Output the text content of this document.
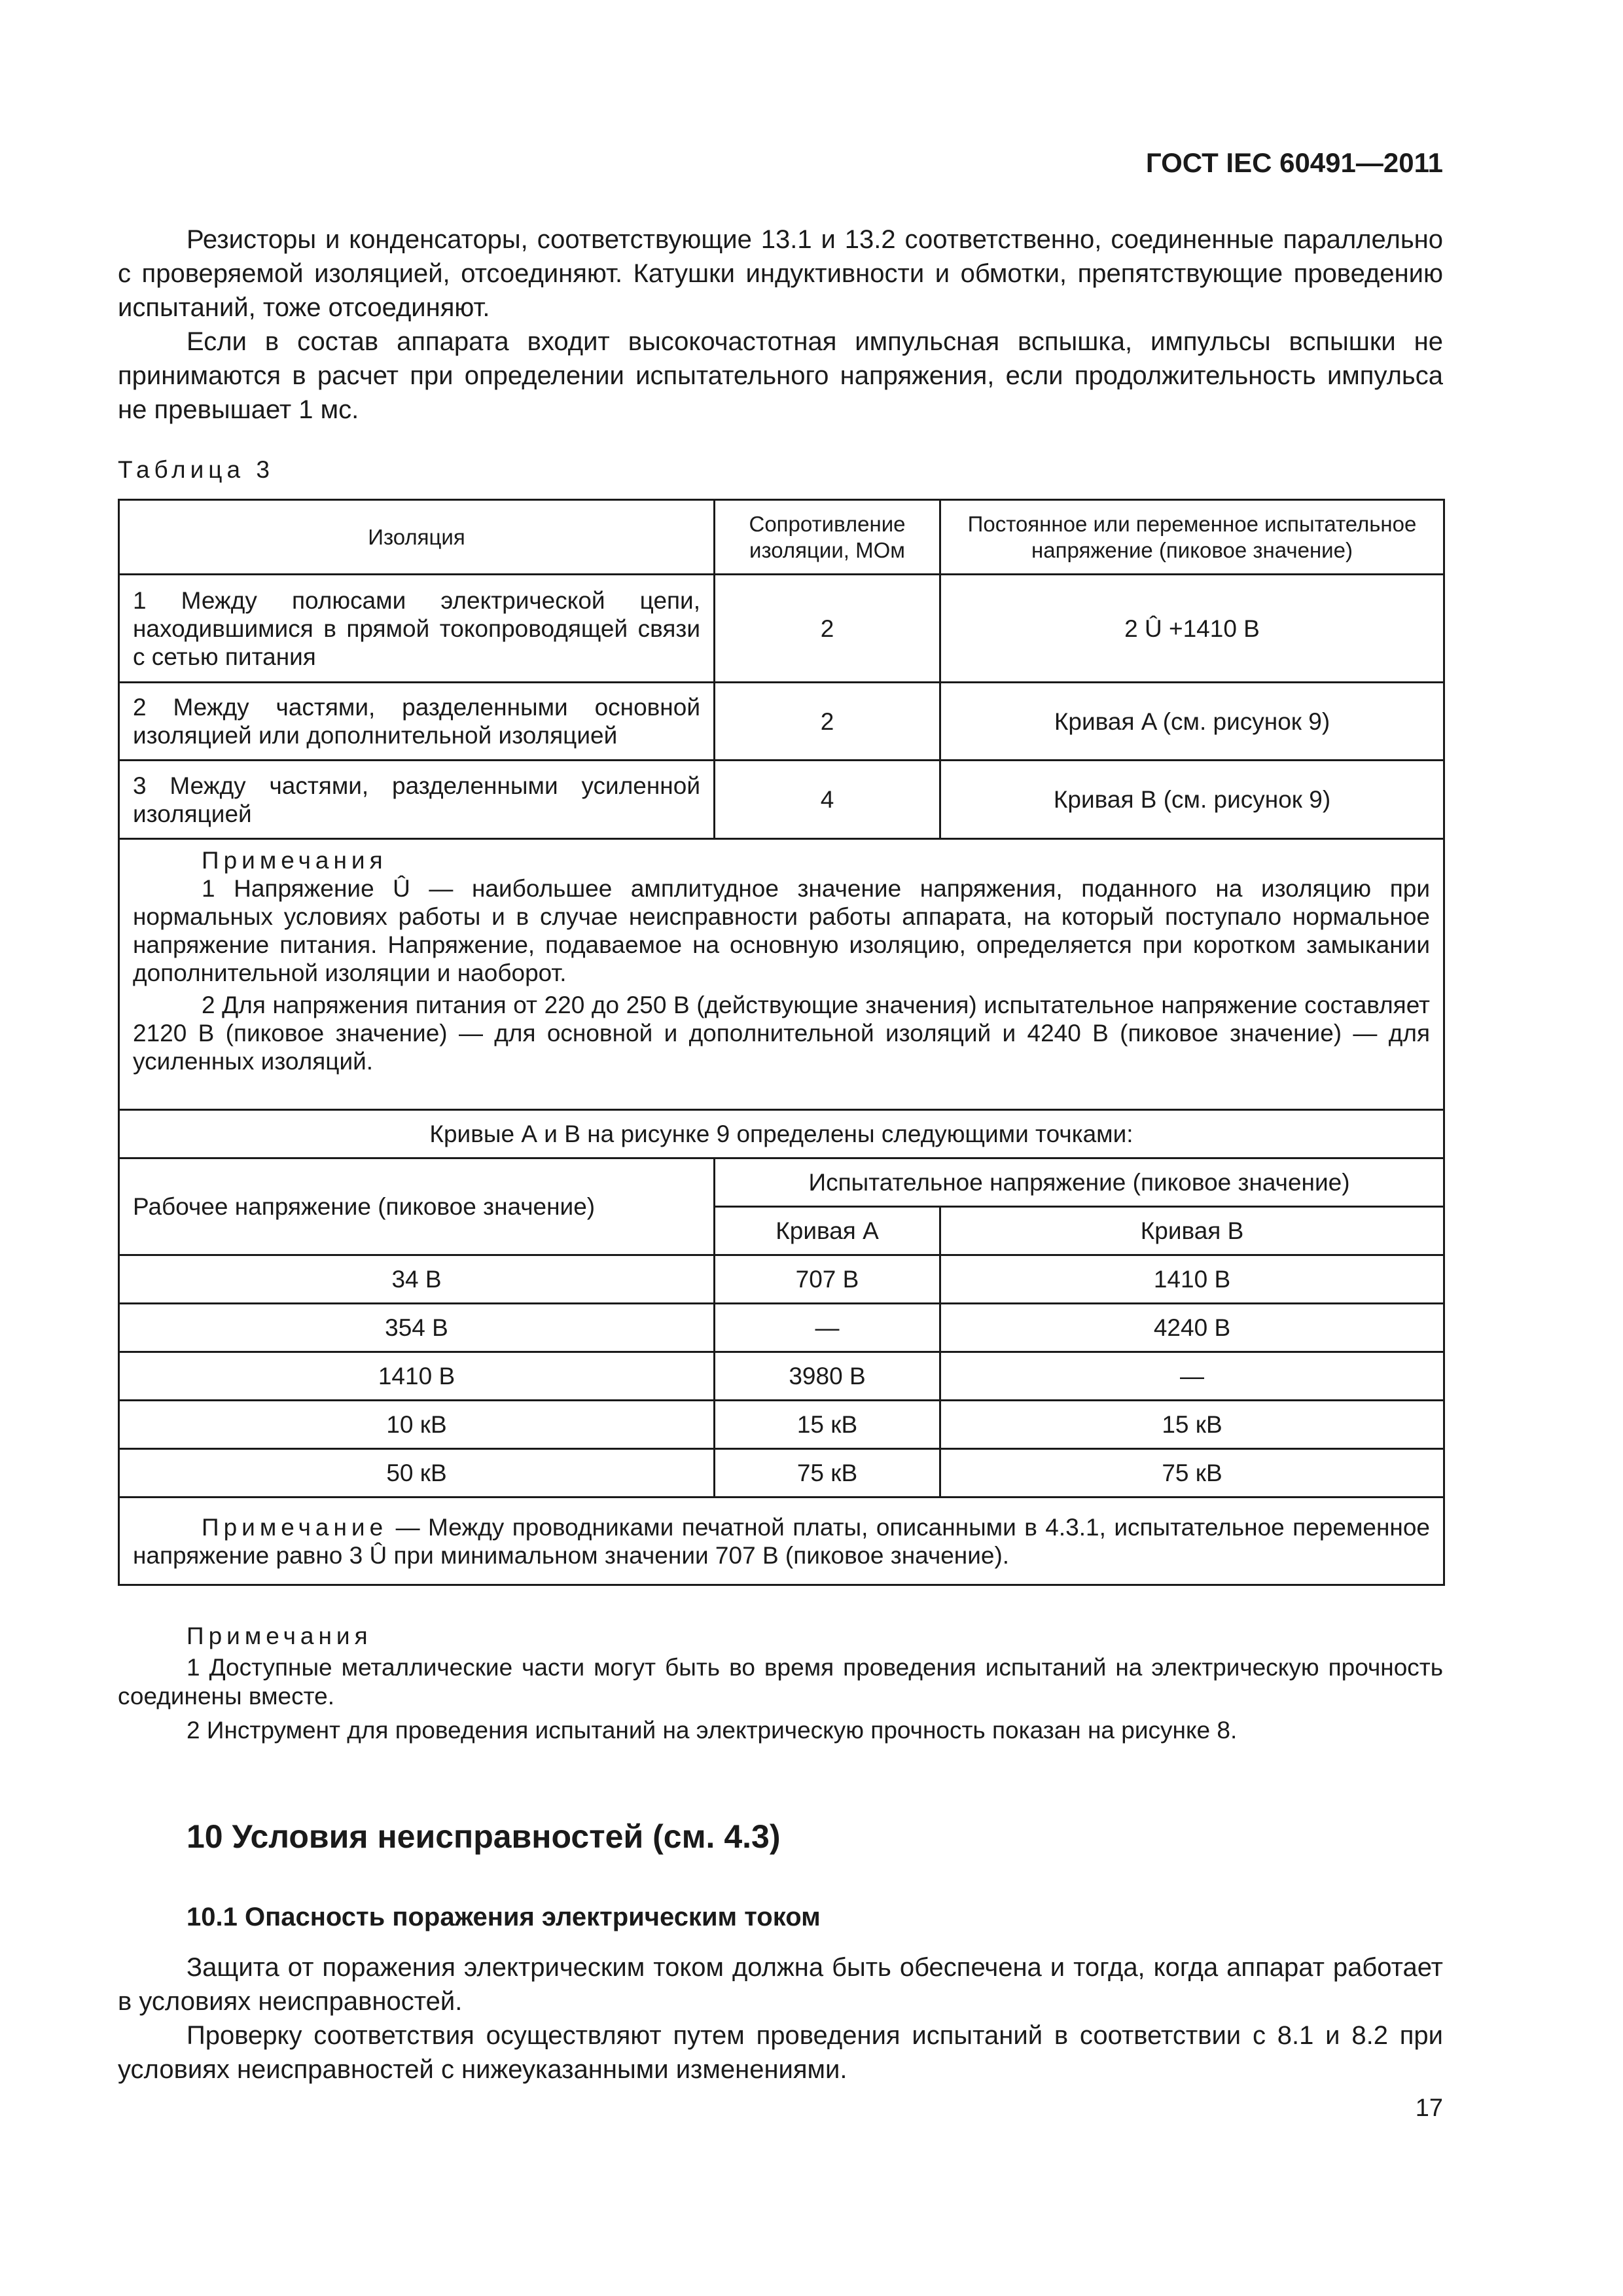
ГОСТ IEC 60491—2011

Резисторы и конденсаторы, соответствующие 13.1 и 13.2 соответственно, соединенные параллельно с проверяемой изоляцией, отсоединяют. Катушки индуктивности и обмотки, препятствующие проведению испытаний, тоже отсоединяют.

Если в состав аппарата входит высокочастотная импульсная вспышка, импульсы вспышки не принимаются в расчет при определении испытательного напряжения, если продолжительность импульса не превышает 1 мс.

Таблица 3
Изоляция	Сопротивление изоляции, МОм	Постоянное или переменное испытательное напряжение (пиковое значение)
1 Между полюсами электрической цепи, находившимися в прямой токопроводящей связи с сетью питания	2	2 Û +1410 В
2 Между частями, разделенными основной изоляцией или дополнительной изоляцией	2	Кривая A (см. рисунок 9)
3 Между частями, разделенными усиленной изоляцией	4	Кривая B (см. рисунок 9)

Примечания

1 Напряжение Û — наибольшее амплитудное значение напряжения, поданного на изоляцию при нормальных условиях работы и в случае неисправности работы аппарата, на который поступало нормальное напряжение питания. Напряжение, подаваемое на основную изоляцию, определяется при коротком замыкании дополнительной изоляции и наоборот.

2 Для напряжения питания от 220 до 250 В (действующие значения) испытательное напряжение составляет 2120 В (пиковое значение) — для основной и дополнительной изоляций и 4240 В (пиковое значение) — для усиленных изоляций.		

Кривые А и В на рисунке 9 определены следующими точками:		
Рабочее напряжение (пиковое значение)	Испытательное напряжение (пиковое значение)	
	Кривая A	Кривая B
34 В	707 В	1410 В
354 В	—	4240 В
1410 В	3980 В	—
10 кВ	15 кВ	15 кВ
50 кВ	75 кВ	75 кВ

Примечание — Между проводниками печатной платы, описанными в 4.3.1, испытательное переменное напряжение равно 3 Û при минимальном значении 707 В (пиковое значение).		

Примечания

1 Доступные металлические части могут быть во время проведения испытаний на электрическую прочность соединены вместе.

2 Инструмент для проведения испытаний на электрическую прочность показан на рисунке 8.

10 Условия неисправностей (см. 4.3)
10.1 Опасность поражения электрическим током

Защита от поражения электрическим током должна быть обеспечена и тогда, когда аппарат работает в условиях неисправностей.

Проверку соответствия осуществляют путем проведения испытаний в соответствии с 8.1 и 8.2 при условиях неисправностей с нижеуказанными изменениями.

17
